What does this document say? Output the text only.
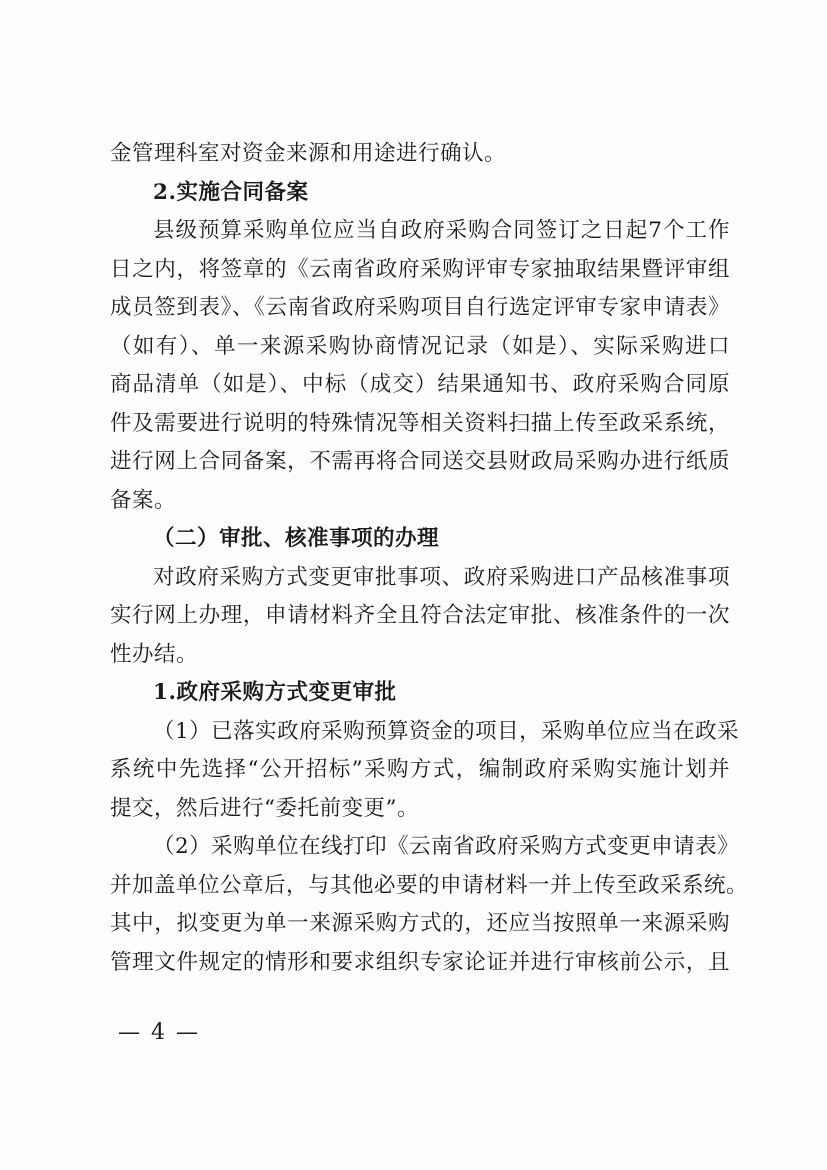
金管理科室对资金来源和用途进行确认。
2.实施合同备案
县级预算采购单位应当自政府采购合同签订之日起7个工作
日之内，将签章的《云南省政府采购评审专家抽取结果暨评审组
成员签到表》、《云南省政府采购项目自行选定评审专家申请表》
（如有）、单一来源采购协商情况记录（如是）、实际采购进口
商品清单（如是）、中标（成交）结果通知书、政府采购合同原
件及需要进行说明的特殊情况等相关资料扫描上传至政采系统，
进行网上合同备案，不需再将合同送交县财政局采购办进行纸质
备案。
（二）审批、核准事项的办理
对政府采购方式变更审批事项、政府采购进口产品核准事项
实行网上办理，申请材料齐全且符合法定审批、核准条件的一次
性办结。
1.政府采购方式变更审批
（1）已落实政府采购预算资金的项目，采购单位应当在政采
系统中先选择“公开招标”采购方式，编制政府采购实施计划并
提交，然后进行“委托前变更”。
（2）采购单位在线打印《云南省政府采购方式变更申请表》
并加盖单位公章后，与其他必要的申请材料一并上传至政采系统。
其中，拟变更为单一来源采购方式的，还应当按照单一来源采购
管理文件规定的情形和要求组织专家论证并进行审核前公示，且
— 4 —
